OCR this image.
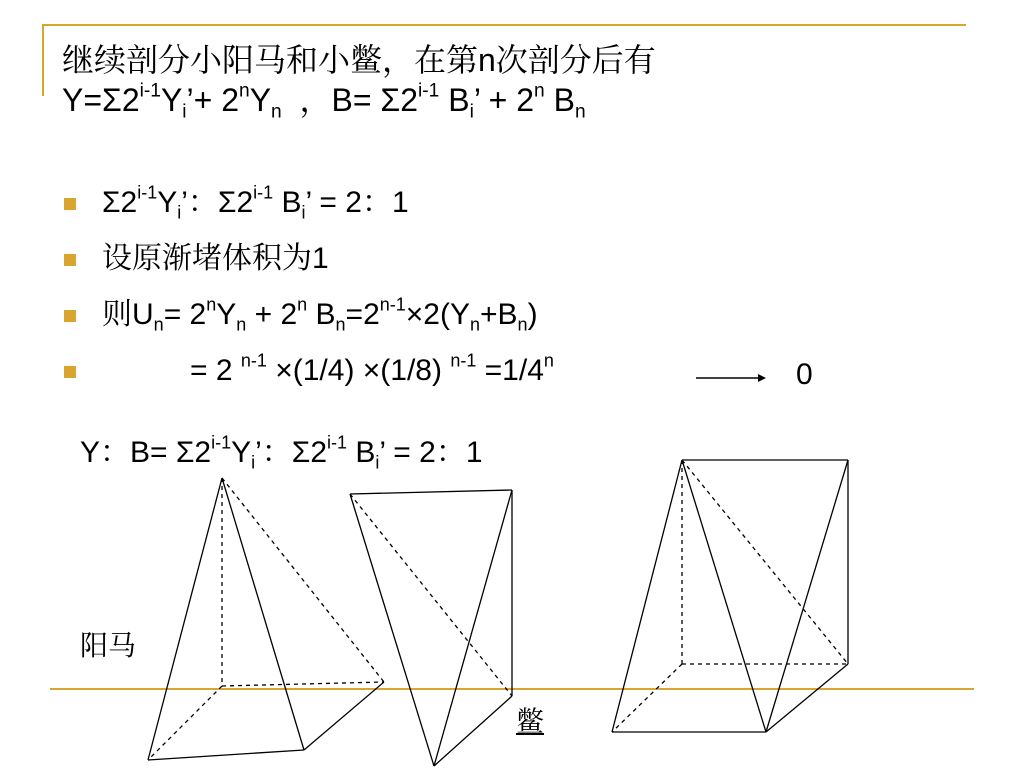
继续剖分小阳马和小鳖，在第n次剖分后有
$Y=\Sigma 2^{i-1}Y_i’+ 2^nY_n$  ，$B= \Sigma 2^{i-1}$ $B_i$’ + $2^n$ $B_n$
$\Sigma 2^{i-1}Y_i$’：Σ2$^{i-1}$ $B_i$’ = 2：1
设原渐堵体积为1
则$U_n= 2^nY_n + 2^n$ $B_n=2^{n-1}\times 2(Y_n+B_n)$
= 2 $^{n-1}$ ×(1/4) ×(1/8) $^{n-1} =1/4^n$	0
Y：$B= \Sigma 2^{i-1}Y_i$’：Σ2$^{i-1}$ $B_i$’ = 2：1
阳马
鳖
